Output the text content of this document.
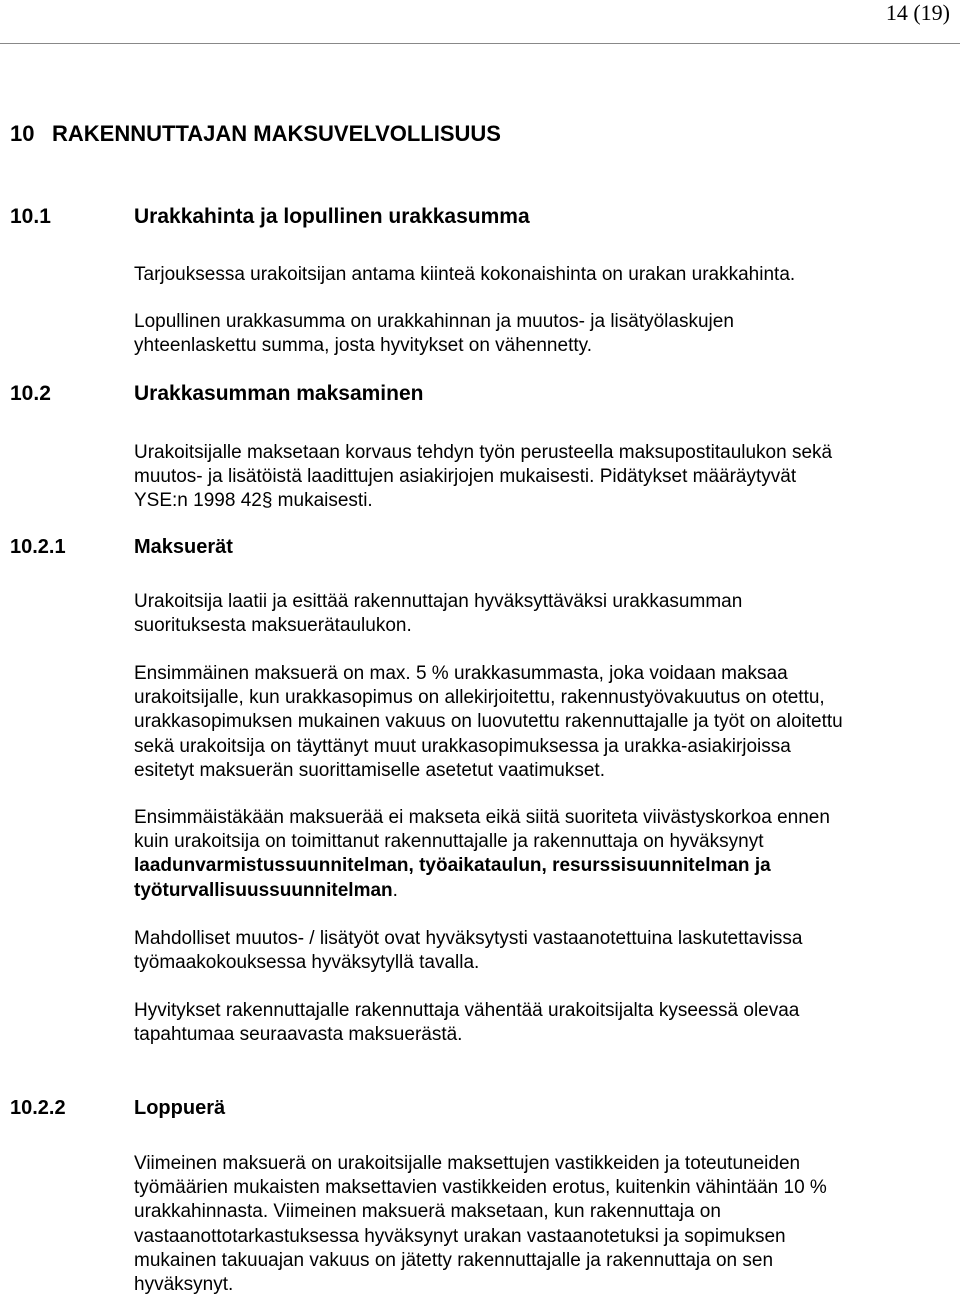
14 (19)
10 RAKENNUTTAJAN MAKSUVELVOLLISUUS
10.1	Urakkahinta ja lopullinen urakkasumma

Tarjouksessa urakoitsijan antama kiinteä kokonaishinta on urakan urakkahinta.

Lopullinen urakkasumma on urakkahinnan ja muutos- ja lisätyölaskujen
yhteenlaskettu summa, josta hyvitykset on vähennetty.

10.2	Urakkasumman maksaminen

Urakoitsijalle maksetaan korvaus tehdyn työn perusteella maksupostitaulukon sekä
muutos- ja lisätöistä laadittujen asiakirjojen mukaisesti. Pidätykset määräytyvät
YSE:n 1998 42§ mukaisesti.

10.2.1	Maksuerät

Urakoitsija laatii ja esittää rakennuttajan hyväksyttäväksi urakkasumman
suorituksesta maksuerätaulukon.

Ensimmäinen maksuerä on max. 5 % urakkasummasta, joka voidaan maksaa
urakoitsijalle, kun urakkasopimus on allekirjoitettu, rakennustyövakuutus on otettu,
urakkasopimuksen mukainen vakuus on luovutettu rakennuttajalle ja työt on aloitettu
sekä urakoitsija on täyttänyt muut urakkasopimuksessa ja urakka-asiakirjoissa
esitetyt maksuerän suorittamiselle asetetut vaatimukset.

Ensimmäistäkään maksuerää ei makseta eikä siitä suoriteta viivästyskorkoa ennen
kuin urakoitsija on toimittanut rakennuttajalle ja rakennuttaja on hyväksynyt
laadunvarmistussuunnitelman, työaikataulun, resurssisuunnitelman ja
työturvallisuussuunnitelman.

Mahdolliset muutos- / lisätyöt ovat hyväksytysti vastaanotettuina laskutettavissa
työmaakokouksessa hyväksytyllä tavalla.

Hyvitykset rakennuttajalle rakennuttaja vähentää urakoitsijalta kyseessä olevaa
tapahtumaa seuraavasta maksuerästä.

10.2.2	Loppuerä

Viimeinen maksuerä on urakoitsijalle maksettujen vastikkeiden ja toteutuneiden
työmäärien mukaisten maksettavien vastikkeiden erotus, kuitenkin vähintään 10 %
urakkahinnasta. Viimeinen maksuerä maksetaan, kun rakennuttaja on
vastaanottotarkastuksessa hyväksynyt urakan vastaanotetuksi ja sopimuksen
mukainen takuuajan vakuus on jätetty rakennuttajalle ja rakennuttaja on sen
hyväksynyt.
